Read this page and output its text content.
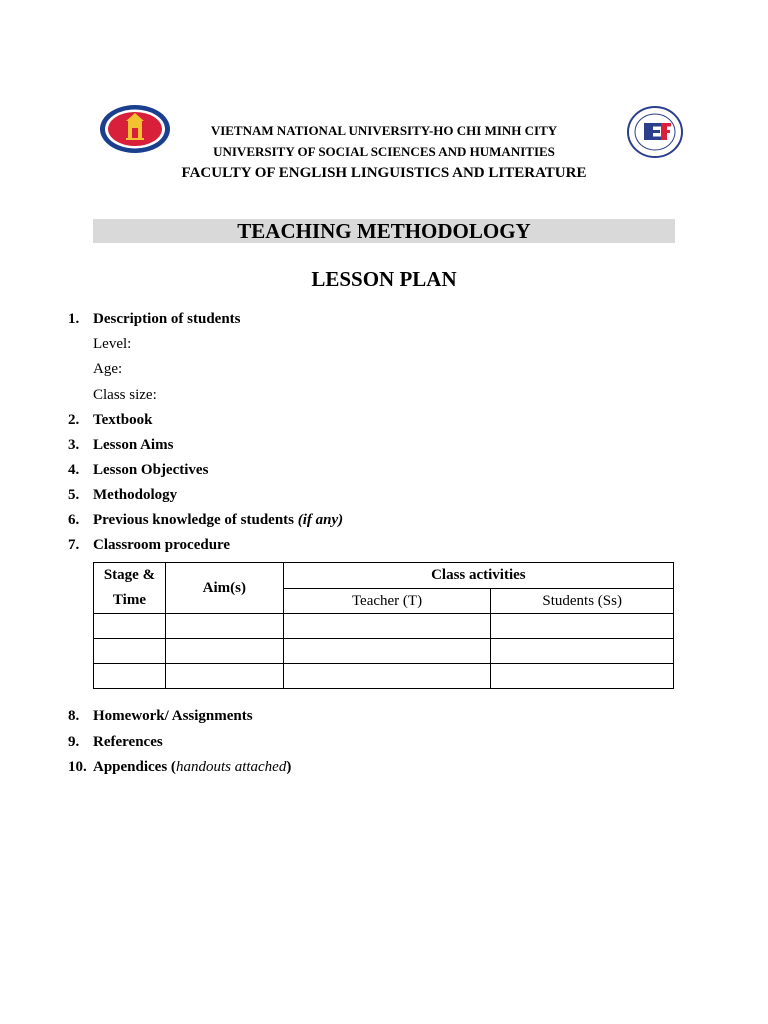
VIETNAM NATIONAL UNIVERSITY-HO CHI MINH CITY
UNIVERSITY OF SOCIAL SCIENCES AND HUMANITIES
FACULTY OF ENGLISH LINGUISTICS AND LITERATURE
TEACHING METHODOLOGY
LESSON PLAN
1. Description of students
Level:
Age:
Class size:
2. Textbook
3. Lesson Aims
4. Lesson Objectives
5. Methodology
6. Previous knowledge of students (if any)
7. Classroom procedure
Stage &
Time	Aim(s)	Class activities	
		Teacher (T)	Students (Ss)

8. Homework/ Assignments
9. References
10. Appendices (handouts attached)
